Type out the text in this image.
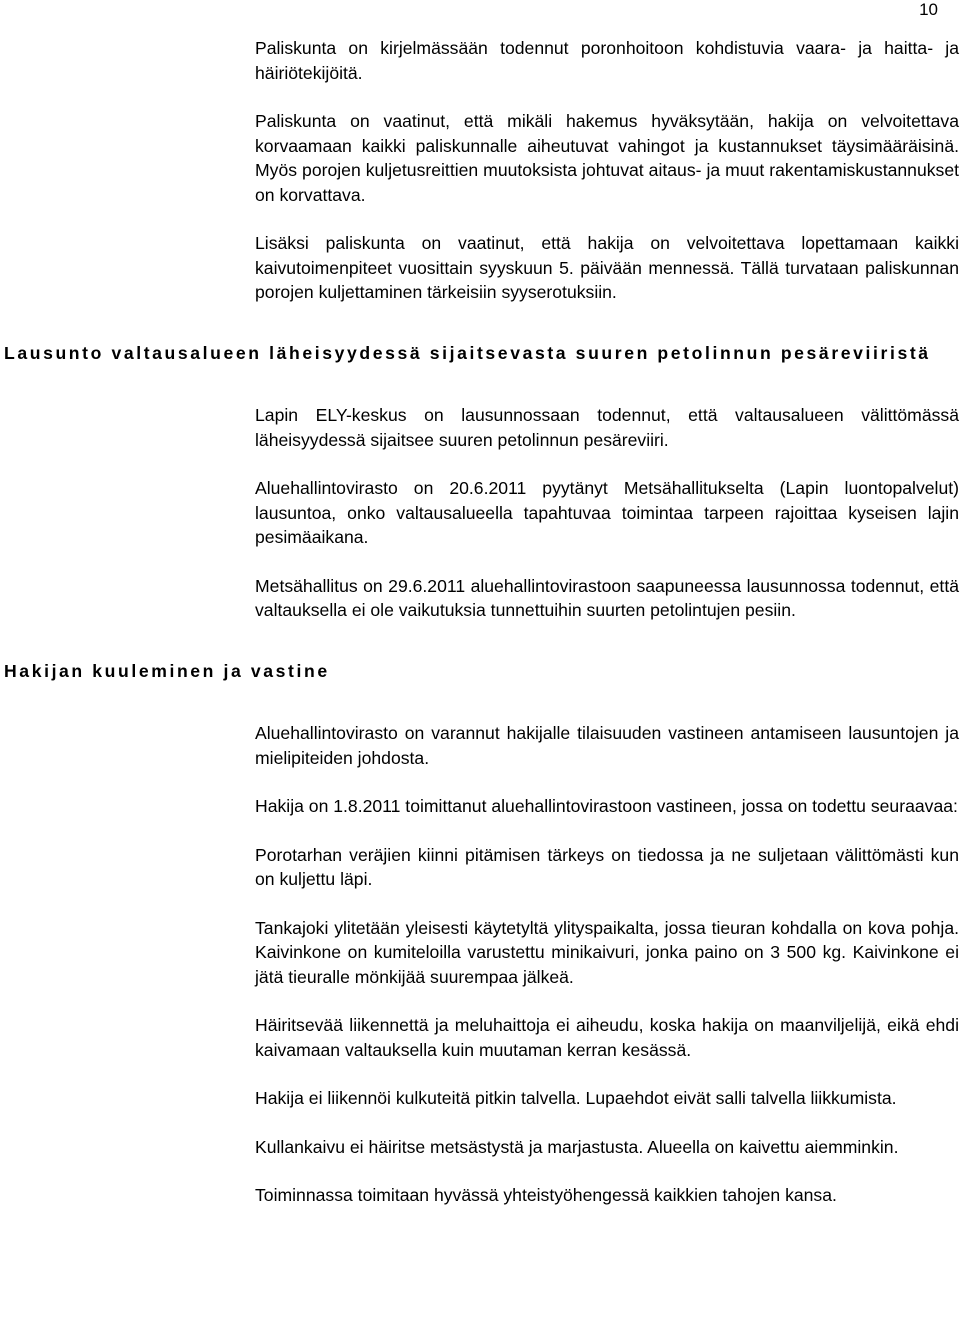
10

Paliskunta on kirjelmässään todennut poronhoitoon kohdistuvia vaara- ja haitta- ja häiriötekijöitä.

Paliskunta on vaatinut, että mikäli hakemus hyväksytään, hakija on velvoitettava korvaamaan kaikki paliskunnalle aiheutuvat vahingot ja kustannukset täysimääräisinä. Myös porojen kuljetusreittien muutoksista johtuvat aitaus- ja muut rakentamiskustannukset on korvattava.

Lisäksi paliskunta on vaatinut, että hakija on velvoitettava lopettamaan kaikki kaivutoimenpiteet vuosittain syyskuun 5. päivään mennessä. Tällä turvataan paliskunnan porojen kuljettaminen tärkeisiin syyserotuksiin.

Lausunto valtausalueen läheisyydessä sijaitsevasta suuren petolinnun pesäreviiristä

Lapin ELY-keskus on lausunnossaan todennut, että valtausalueen välittömässä läheisyydessä sijaitsee suuren petolinnun pesäreviiri.

Aluehallintovirasto on 20.6.2011 pyytänyt Metsähallitukselta (Lapin luontopalvelut) lausuntoa, onko valtausalueella tapahtuvaa toimintaa tarpeen rajoittaa kyseisen lajin pesimäaikana.

Metsähallitus on 29.6.2011 aluehallintovirastoon saapuneessa lausunnossa todennut, että valtauksella ei ole vaikutuksia tunnettuihin suurten petolintujen pesiin.

Hakijan kuuleminen ja vastine

Aluehallintovirasto on varannut hakijalle tilaisuuden vastineen antamiseen lausuntojen ja mielipiteiden johdosta.

Hakija on 1.8.2011 toimittanut aluehallintovirastoon vastineen, jossa on todettu seuraavaa:

Porotarhan veräjien kiinni pitämisen tärkeys on tiedossa ja ne suljetaan välittömästi kun on kuljettu läpi.

Tankajoki ylitetään yleisesti käytetyltä ylityspaikalta, jossa tieuran kohdalla on kova pohja. Kaivinkone on kumiteloilla varustettu minikaivuri, jonka paino on 3 500 kg. Kaivinkone ei jätä tieuralle mönkijää suurempaa jälkeä.

Häiritsevää liikennettä ja meluhaittoja ei aiheudu, koska hakija on maanviljelijä, eikä ehdi kaivamaan valtauksella kuin muutaman kerran kesässä.

Hakija ei liikennöi kulkuteitä pitkin talvella. Lupaehdot eivät salli talvella liikkumista.

Kullankaivu ei häiritse metsästystä ja marjastusta. Alueella on kaivettu aiemminkin.

Toiminnassa toimitaan hyvässä yhteistyöhengessä kaikkien tahojen kansa.
